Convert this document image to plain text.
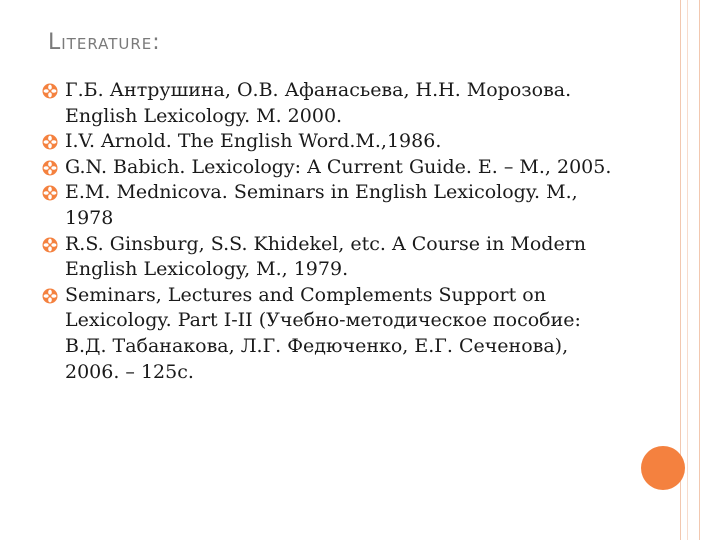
Literature:
Г.Б. Антрушина, О.В. Афанасьева, Н.Н. Морозова. English Lexicology. М. 2000.
I.V. Arnold. The English Word.M.,1986.
G.N. Babich. Lexicology: A Current Guide. E. – M., 2005.
E.M. Mednicova. Seminars in English Lexicology. M., 1978
R.S. Ginsburg, S.S. Khidekel, etc. A Course in Modern English Lexicology, M., 1979.
Seminars, Lectures and Complements Support on Lexicology. Part I-II (Учебно-методическое пособие: В.Д. Табанакова, Л.Г. Федюченко, Е.Г. Сеченова), 2006. – 125с.
